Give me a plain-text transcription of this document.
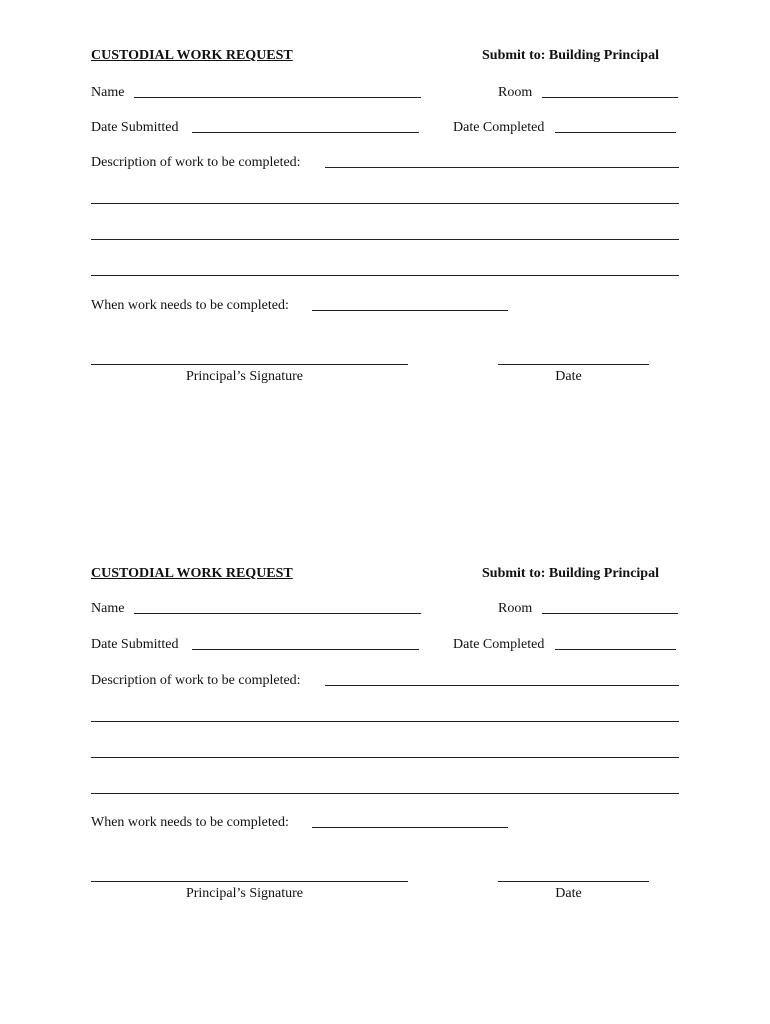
CUSTODIAL WORK REQUEST	Submit to: Building Principal
Name	Room
Date Submitted	Date Completed
Description of work to be completed:
When work needs to be completed:
Principal’s Signature	Date
CUSTODIAL WORK REQUEST	Submit to: Building Principal
Name	Room
Date Submitted	Date Completed
Description of work to be completed:
When work needs to be completed:
Principal’s Signature	Date
